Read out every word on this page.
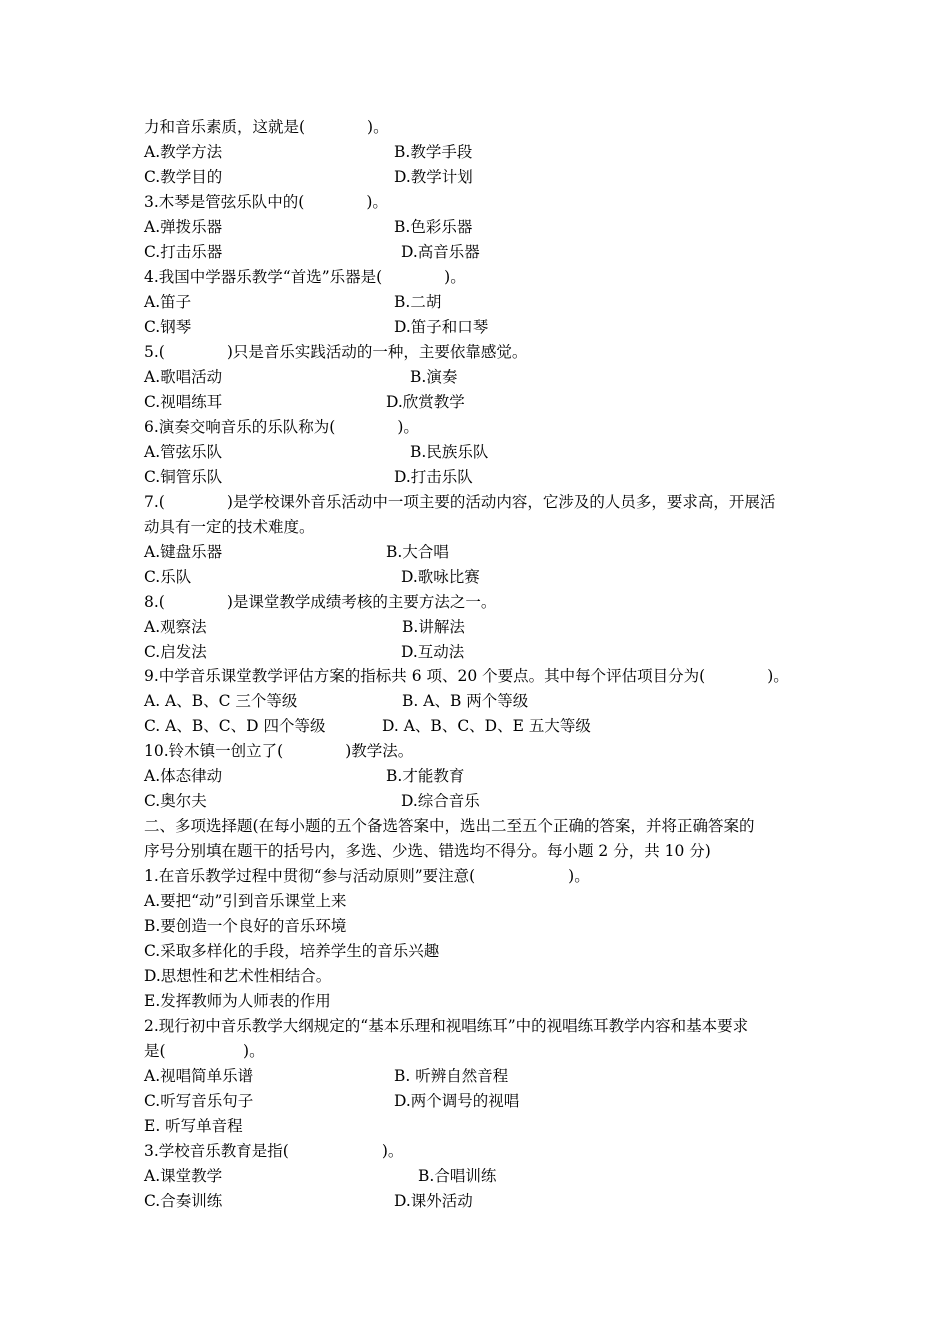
力和音乐素质，这就是(　　　　)。
A.教学方法	B.教学手段
C.教学目的	D.教学计划
3.木琴是管弦乐队中的(　　　　)。
A.弹拨乐器	B.色彩乐器
C.打击乐器	D.高音乐器
4.我国中学器乐教学“首选”乐器是(　　　　)。
A.笛子	B.二胡
C.钢琴	D.笛子和口琴
5.(　　　　)只是音乐实践活动的一种，主要依靠感觉。
A.歌唱活动	B.演奏
C.视唱练耳	D.欣赏教学
6.演奏交响音乐的乐队称为(　　　　)。
A.管弦乐队	B.民族乐队
C.铜管乐队	D.打击乐队
7.(　　　　)是学校课外音乐活动中一项主要的活动内容，它涉及的人员多，要求高，开展活
动具有一定的技术难度。
A.键盘乐器	B.大合唱
C.乐队	D.歌咏比赛
8.(　　　　)是课堂教学成绩考核的主要方法之一。
A.观察法	B.讲解法
C.启发法	D.互动法
9.中学音乐课堂教学评估方案的指标共 6 项、20 个要点。其中每个评估项目分为(　　　　)。
A. A、B、C 三个等级	B. A、B 两个等级
C. A、B、C、D 四个等级	D. A、B、C、D、E 五大等级
10.铃木镇一创立了(　　　　)教学法。
A.体态律动	B.才能教育
C.奥尔夫	D.综合音乐
二、多项选择题(在每小题的五个备选答案中，选出二至五个正确的答案，并将正确答案的
序号分别填在题干的括号内，多选、少选、错选均不得分。每小题 2 分，共 10 分)
1.在音乐教学过程中贯彻“参与活动原则”要注意(　　　　　　)。
A.要把“动”引到音乐课堂上来
B.要创造一个良好的音乐环境
C.采取多样化的手段，培养学生的音乐兴趣
D.思想性和艺术性相结合。
E.发挥教师为人师表的作用
2.现行初中音乐教学大纲规定的“基本乐理和视唱练耳”中的视唱练耳教学内容和基本要求
是(　　　　　)。
A.视唱简单乐谱	B. 听辨自然音程
C.听写音乐句子	D.两个调号的视唱
E. 听写单音程
3.学校音乐教育是指(　　　　　　)。
A.课堂教学	B.合唱训练
C.合奏训练	D.课外活动
